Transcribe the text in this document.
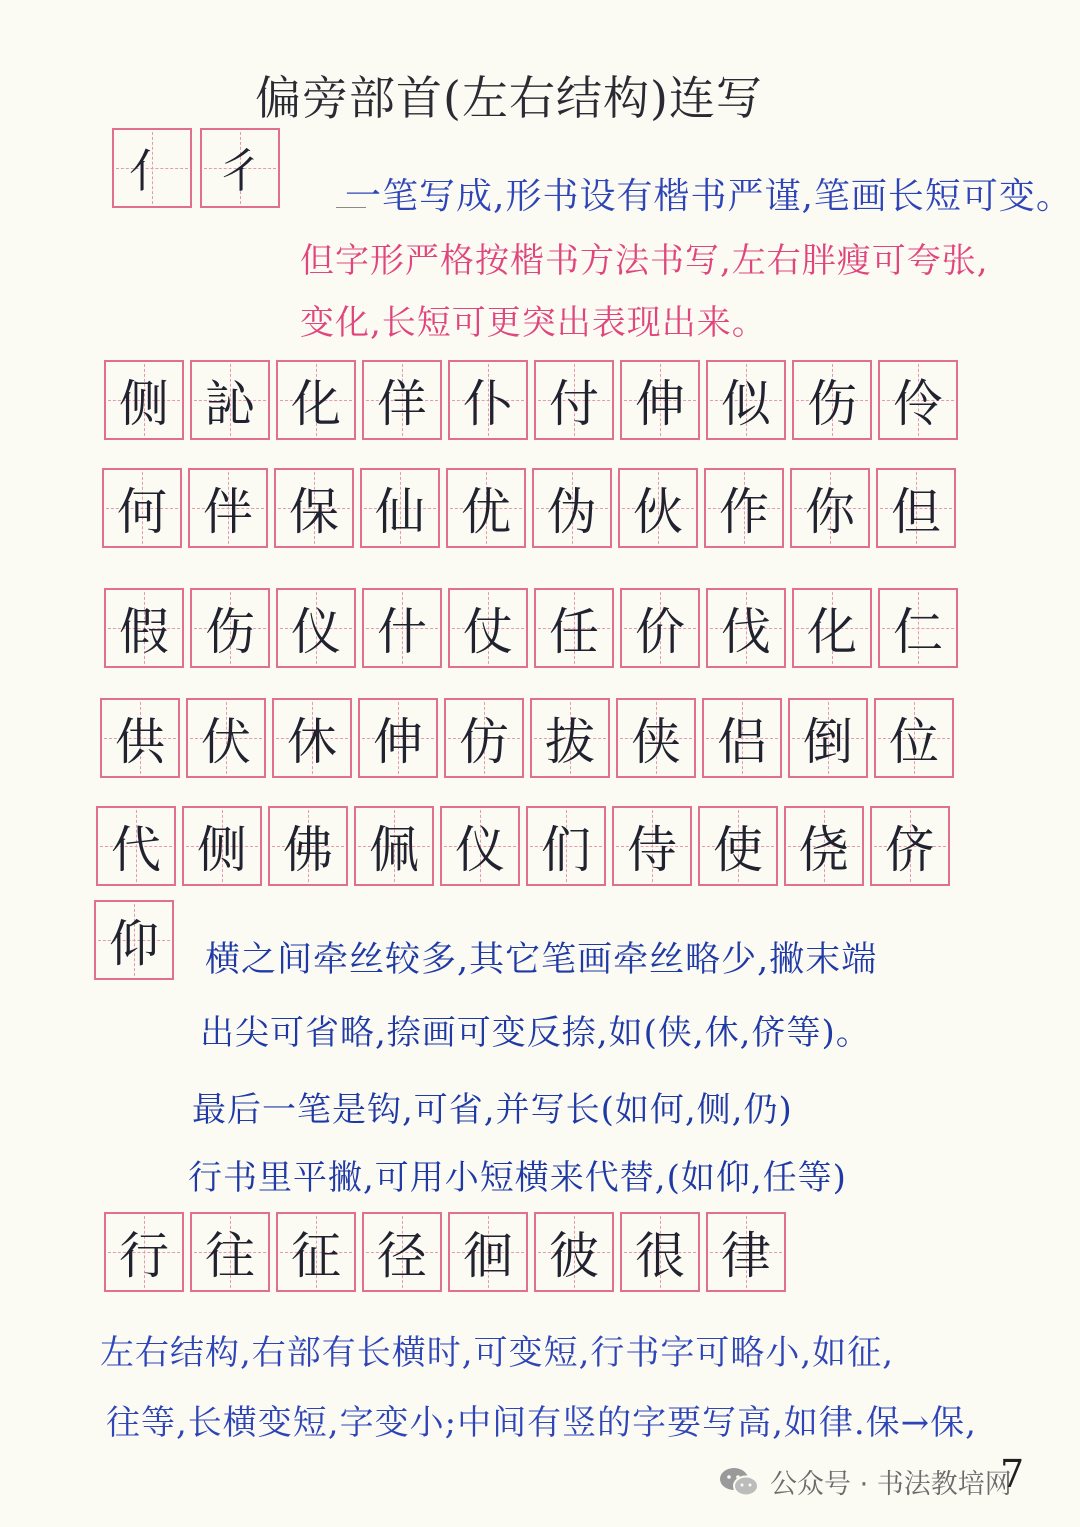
偏旁部首(左右结构)连写
亻 彳 一笔写成,形书设有楷书严谨,笔画长短可变。
但字形严格按楷书方法书写,左右胖瘦可夸张,
变化,长短可更突出表现出来。
侧 訫 化 佯 仆 付 伸 似 伤 伶
何 伴 保 仙 优 伪 伙 作 你 但
假 伤 仪 什 仗 任 价 伐 化 仁
供 伏 休 伸 仿 拔 侠 侣 倒 位
代 侧 佛 佩 仪 们 侍 使 侥 侪
仰 横之间牵丝较多,其它笔画牵丝略少,撇末端
出尖可省略,捺画可变反捺,如(侠,休,侪等)。
最后一笔是钩,可省,并写长(如何,侧,仍)
行书里平撇,可用小短横来代替,(如仰,任等)
行 往 征 径 徊 彼 很 律
左右结构,右部有长横时,可变短,行书字可略小,如征,
往等,长横变短,字变小;中间有竖的字要写高,如律.保→保,
公众号 · 书法教培网
7
